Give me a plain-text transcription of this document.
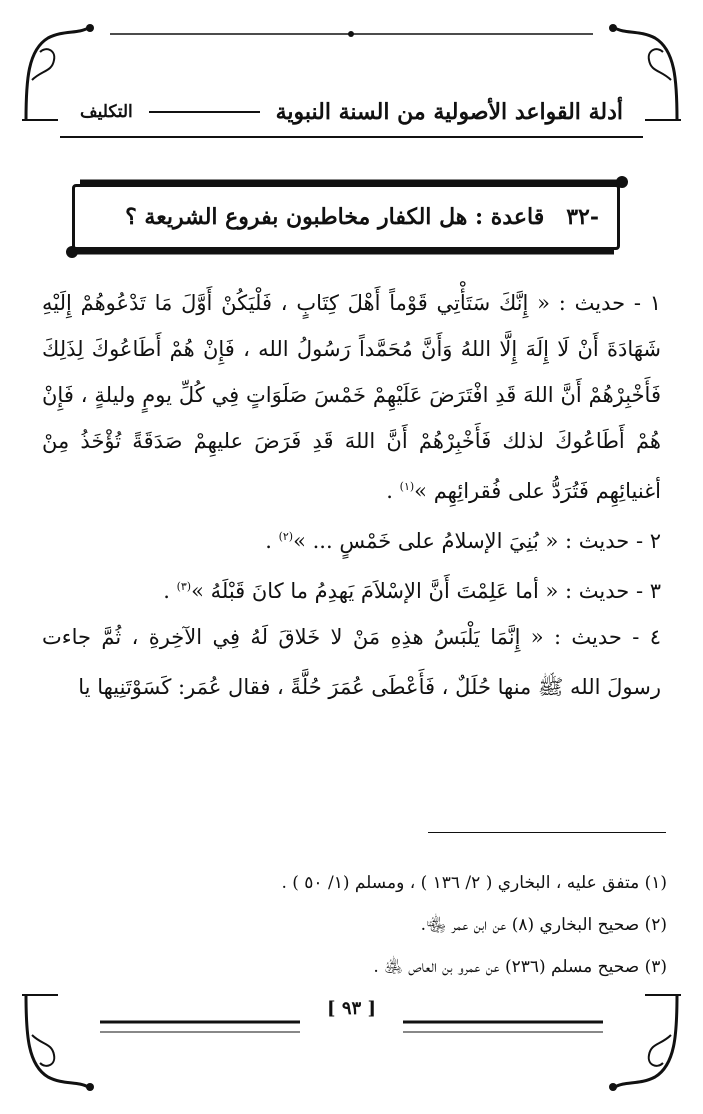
أدلة القواعد الأصولية من السنة النبوية
التكليف
-٣٢
قاعدة : هل الكفار مخاطبون بفروع الشريعة ؟

١ - حديث : « إِنَّكَ سَتَأْتِي قَوْماً أَهْلَ كِتَابٍ ، فَلْيَكُنْ أَوَّلَ مَا تَدْعُوهُمْ إِلَيْهِ شَهَادَةَ أَنْ لَا إِلَهَ إِلَّا اللهُ وَأَنَّ مُحَمَّداً رَسُولُ الله ، فَإِنْ هُمْ أَطَاعُوكَ لِذَلِكَ فَأَخْبِرْهُمْ أَنَّ اللهَ قَدِ افْتَرَضَ عَلَيْهِمْ خَمْسَ صَلَوَاتٍ فِي كُلِّ يومٍ وليلةٍ ، فَإِنْ هُمْ أَطَاعُوكَ لذلك فَأَخْبِرْهُمْ أَنَّ اللهَ قَدِ فَرَضَ عليهِمْ صَدَقَةً تُؤْخَذُ مِنْ أغنيائِهِم فَتُرَدُّ على فُقرائِهِم »$^{(١)}$ .

٢ - حديث : « بُنِيَ الإسلامُ على خَمْسٍ ... »$^{(٢)}$ .

٣ - حديث : « أما عَلِمْتَ أَنَّ الإسْلاَمَ يَهدِمُ ما كانَ قَبْلَهُ »$^{(٣)}$ .

٤ - حديث : « إِنَّمَا يَلْبَسُ هذِهِ مَنْ لا خَلاقَ لَهُ فِي الآخِرةِ ، ثُمَّ جاءت رسولَ الله ﷺ منها حُلَلٌ ، فَأَعْطَى عُمَرَ حُلَّةً ، فقال عُمَر: كَسَوْتَنِيها يا

(١) متفق عليه ، البخاري ( ٢/ ١٣٦ ) ، ومسلم (١/ ٥٠ ) .

(٢) صحيح البخاري (٨) عن ابن عمر ﵄.

(٣) صحيح مسلم (٢٣٦) عن عمرو بن العاص ﵁ .

[ ٩٣ ]
